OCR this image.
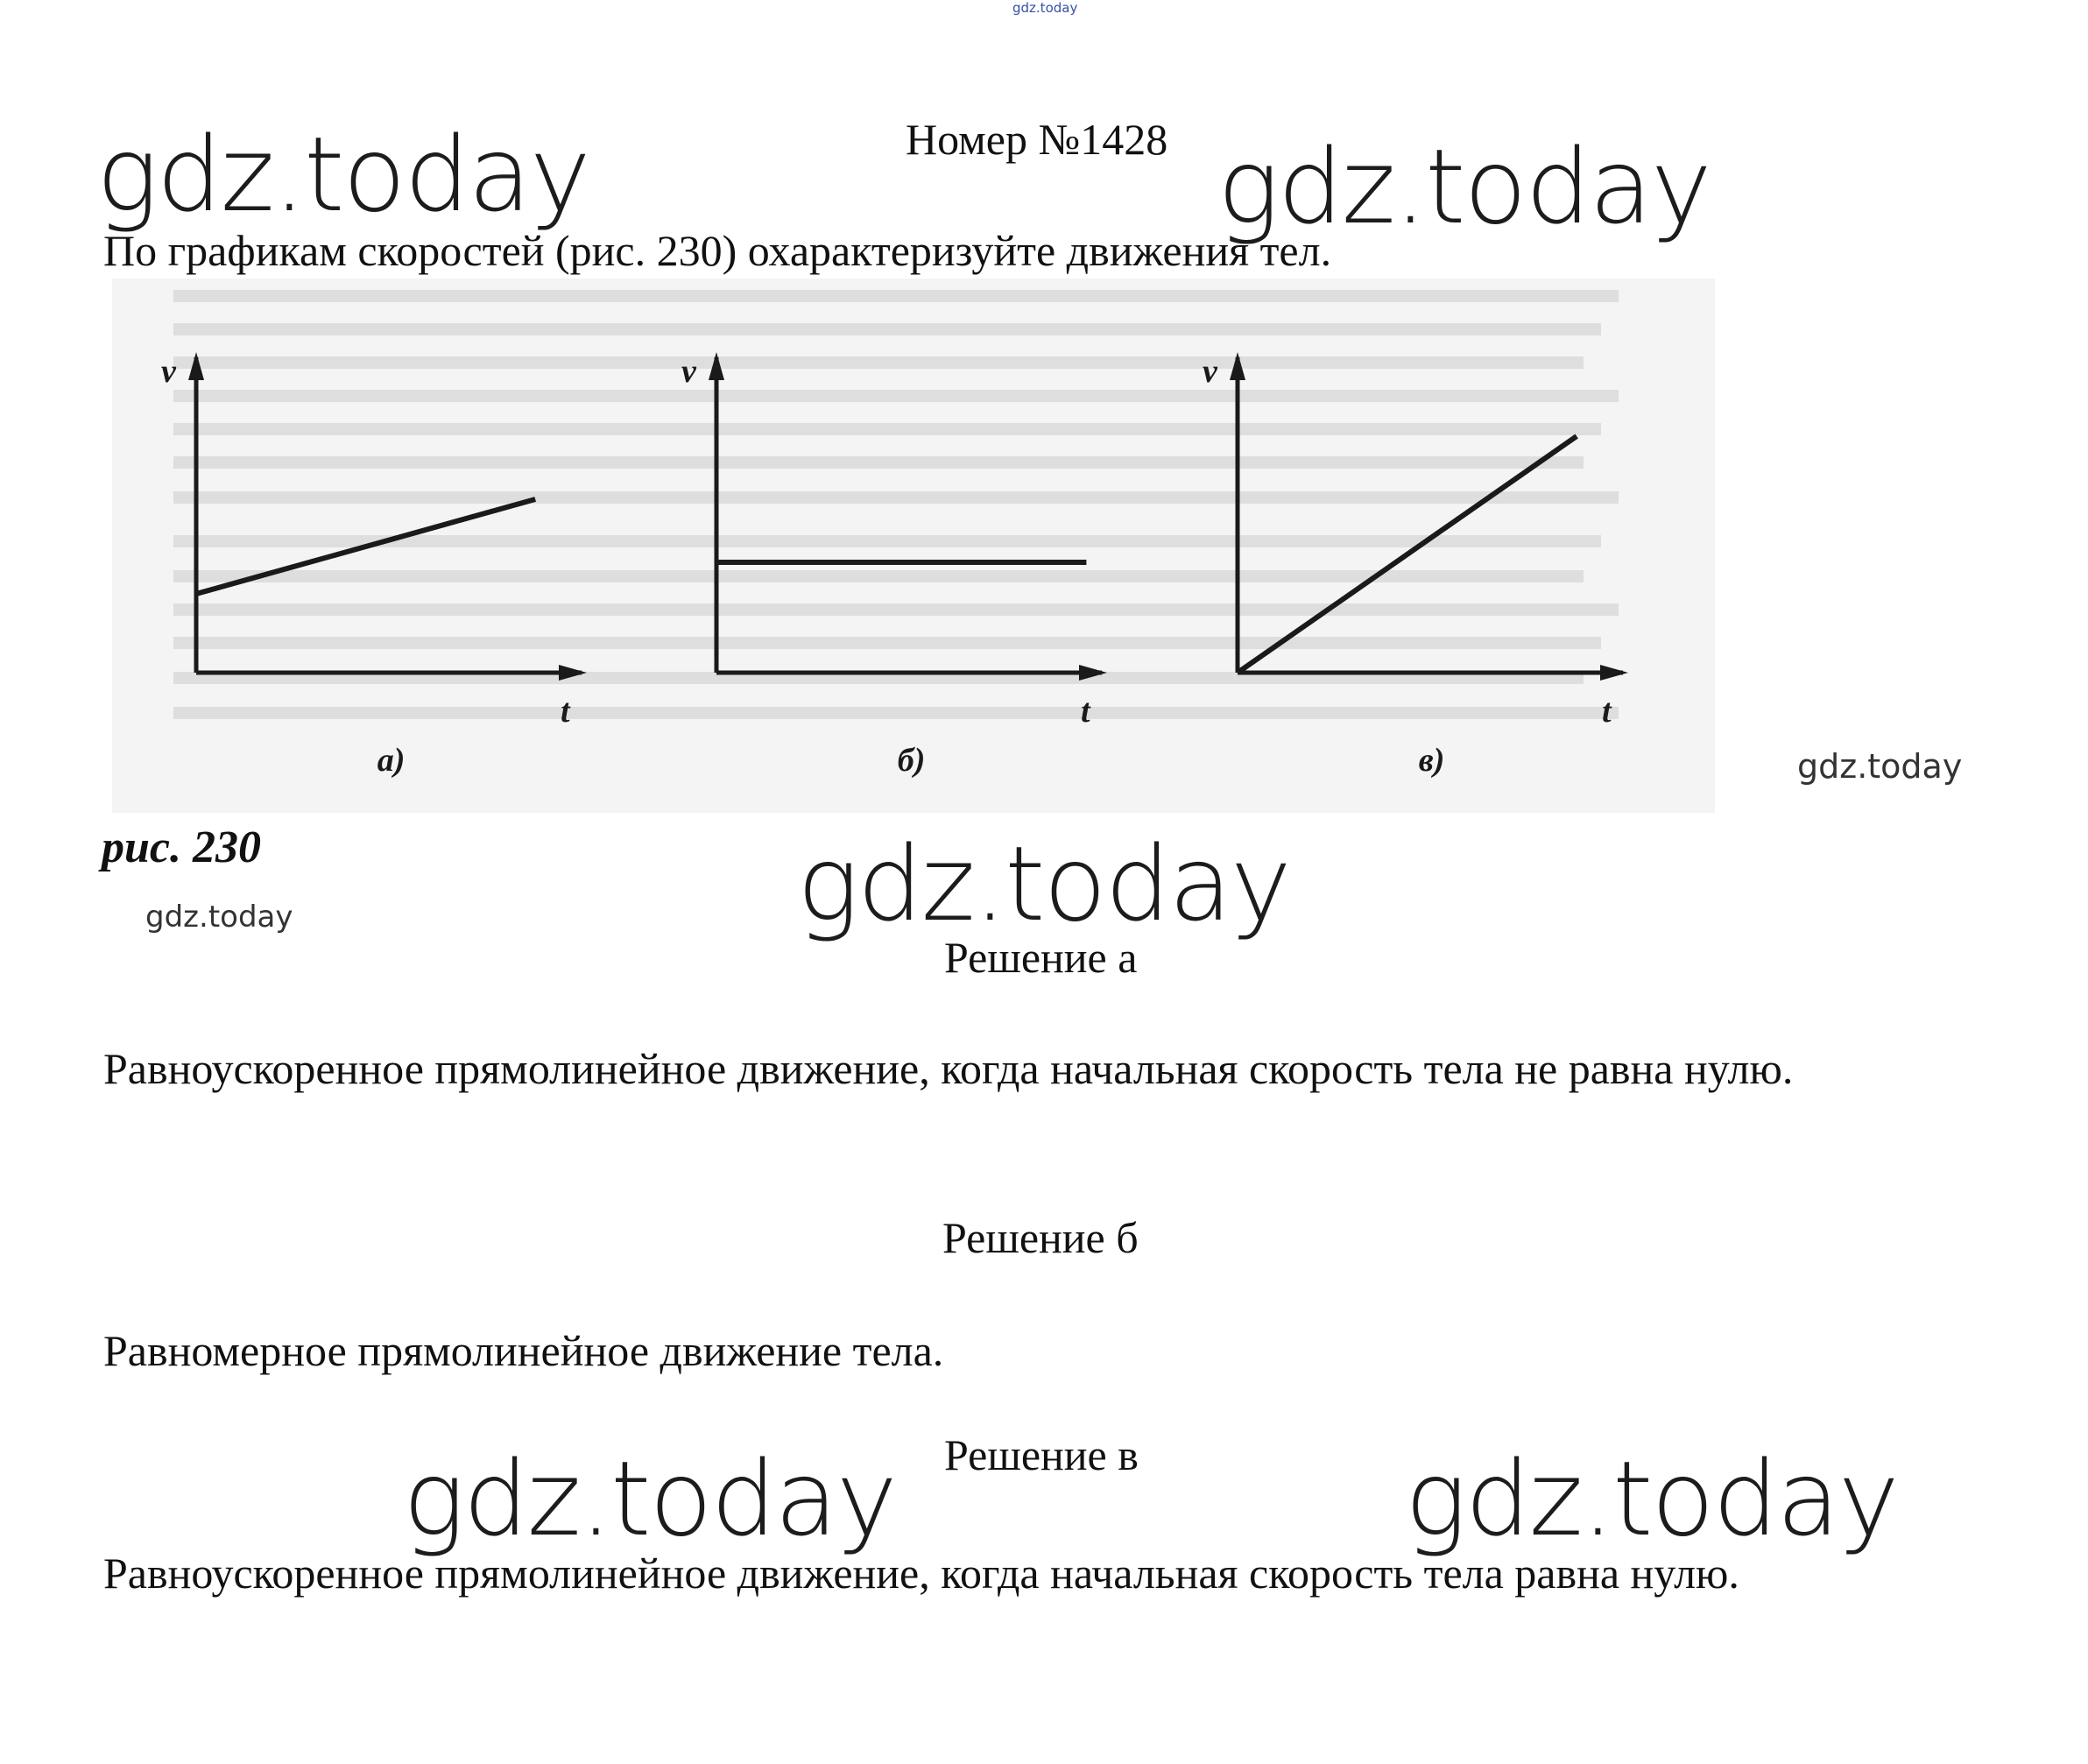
gdz.today
Номер №1428
gdz.today	gdz.today
По графикам скоростей (рис. 230) охарактеризуйте движения тел.
v
t
а)
v
t
б)
v
t
в)	gdz.today
рис. 230
gdz.today	gdz.today
Решение а
Равноускоренное прямолинейное движение, когда начальная скорость тела не равна нулю.
Решение б
Равномерное прямолинейное движение тела.
gdz.today	gdz.today
Решение в
Равноускоренное прямолинейное движение, когда начальная скорость тела равна нулю.
